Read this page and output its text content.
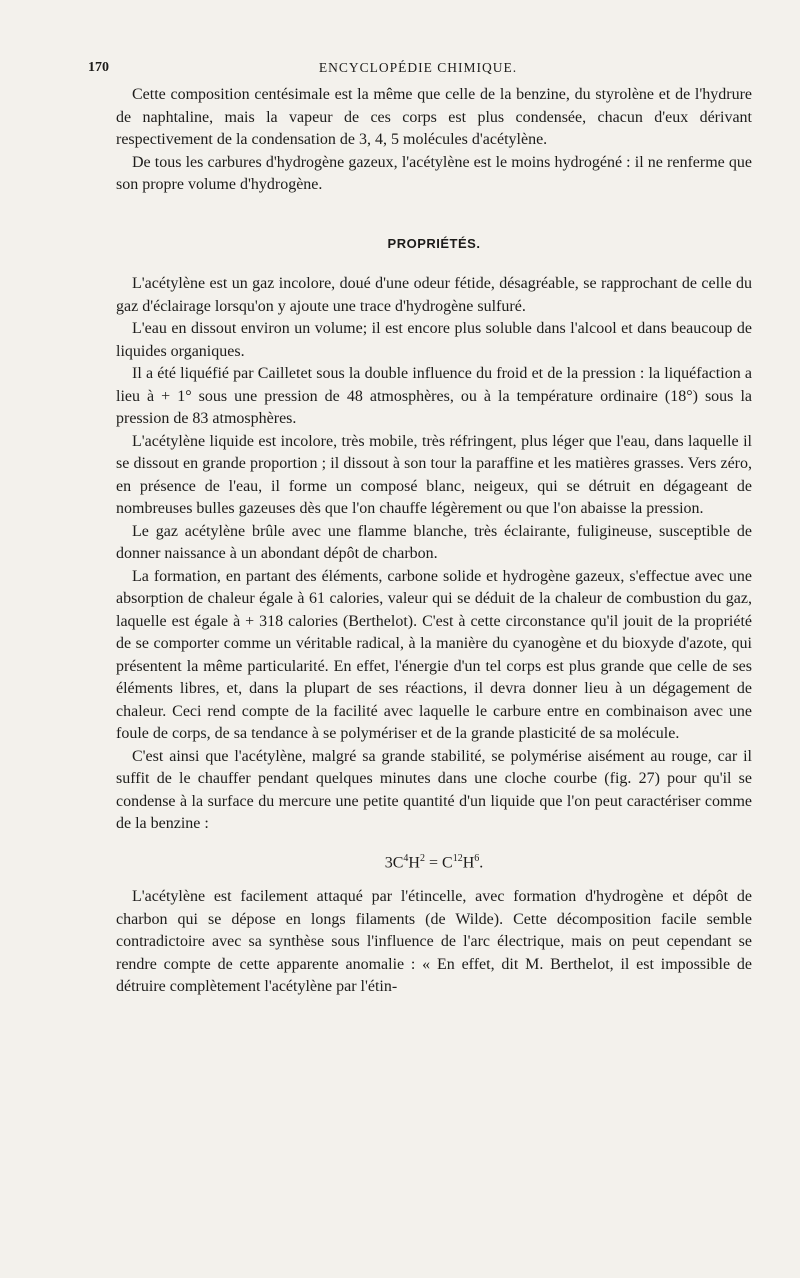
170	ENCYCLOPÉDIE CHIMIQUE.

Cette composition centésimale est la même que celle de la benzine, du styrolène et de l'hydrure de naphtaline, mais la vapeur de ces corps est plus condensée, chacun d'eux dérivant respectivement de la condensation de 3, 4, 5 molécules d'acétylène.

De tous les carbures d'hydrogène gazeux, l'acétylène est le moins hydrogéné : il ne renferme que son propre volume d'hydrogène.

PROPRIÉTÉS.

L'acétylène est un gaz incolore, doué d'une odeur fétide, désagréable, se rapprochant de celle du gaz d'éclairage lorsqu'on y ajoute une trace d'hydrogène sulfuré.

L'eau en dissout environ un volume; il est encore plus soluble dans l'alcool et dans beaucoup de liquides organiques.

Il a été liquéfié par Cailletet sous la double influence du froid et de la pression : la liquéfaction a lieu à + 1° sous une pression de 48 atmosphères, ou à la température ordinaire (18°) sous la pression de 83 atmosphères.

L'acétylène liquide est incolore, très mobile, très réfringent, plus léger que l'eau, dans laquelle il se dissout en grande proportion ; il dissout à son tour la paraffine et les matières grasses. Vers zéro, en présence de l'eau, il forme un composé blanc, neigeux, qui se détruit en dégageant de nombreuses bulles gazeuses dès que l'on chauffe légèrement ou que l'on abaisse la pression.

Le gaz acétylène brûle avec une flamme blanche, très éclairante, fuligineuse, susceptible de donner naissance à un abondant dépôt de charbon.

La formation, en partant des éléments, carbone solide et hydrogène gazeux, s'effectue avec une absorption de chaleur égale à 61 calories, valeur qui se déduit de la chaleur de combustion du gaz, laquelle est égale à + 318 calories (Berthelot). C'est à cette circonstance qu'il jouit de la propriété de se comporter comme un véritable radical, à la manière du cyanogène et du bioxyde d'azote, qui présentent la même particularité. En effet, l'énergie d'un tel corps est plus grande que celle de ses éléments libres, et, dans la plupart de ses réactions, il devra donner lieu à un dégagement de chaleur. Ceci rend compte de la facilité avec laquelle le carbure entre en combinaison avec une foule de corps, de sa tendance à se polymériser et de la grande plasticité de sa molécule.

C'est ainsi que l'acétylène, malgré sa grande stabilité, se polymérise aisément au rouge, car il suffit de le chauffer pendant quelques minutes dans une cloche courbe (fig. 27) pour qu'il se condense à la surface du mercure une petite quantité d'un liquide que l'on peut caractériser comme de la benzine :

$3C^4H^2 = C^{12}H^6$.

L'acétylène est facilement attaqué par l'étincelle, avec formation d'hydrogène et dépôt de charbon qui se dépose en longs filaments (de Wilde). Cette décomposition facile semble contradictoire avec sa synthèse sous l'influence de l'arc électrique, mais on peut cependant se rendre compte de cette apparente anomalie : « En effet, dit M. Berthelot, il est impossible de détruire complètement l'acétylène par l'étin-
